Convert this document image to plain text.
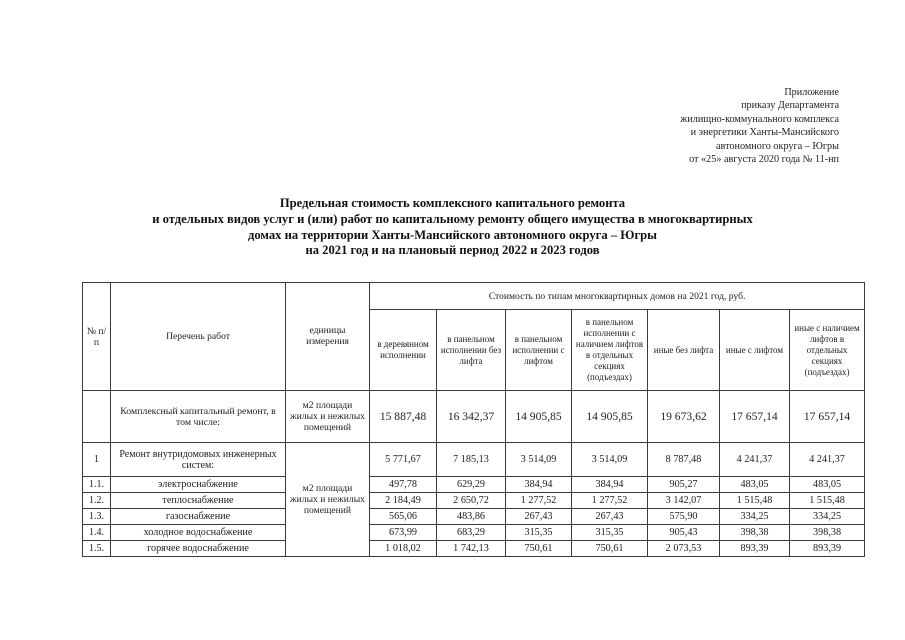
Приложение
приказу Департамента
жилищно-коммунального комплекса
и энергетики Ханты-Мансийского
автономного округа – Югры
от «25» августа 2020 года № 11-нп
Предельная стоимость комплексного капитального ремонта
и отдельных видов услуг и (или) работ по капитальному ремонту общего имущества в многоквартирных
домах на территории Ханты-Мансийского автономного округа – Югры
на 2021 год и на плановый период 2022 и 2023 годов
№ п/п	Перечень работ	единицы измерения	Стоимость по типам многоквартирных домов на 2021 год, руб.						
			в деревянном исполнении	в панельном исполнении без лифта	в панельном исполнении с лифтом	в панельном исполнении с наличием лифтов в отдельных секциях (подъездах)	иные без лифта	иные с лифтом	иные с наличием лифтов в отдельных секциях (подъездах)
	Комплексный капитальный ремонт, в том числе:	м2 площади жилых и нежилых помещений	15 887,48	16 342,37	14 905,85	14 905,85	19 673,62	17 657,14	17 657,14
1	Ремонт внутридомовых инженерных систем:	м2 площади жилых и нежилых помещений	5 771,67	7 185,13	3 514,09	3 514,09	8 787,48	4 241,37	4 241,37
1.1.	электроснабжение		497,78	629,29	384,94	384,94	905,27	483,05	483,05
1.2.	теплоснабжение		2 184,49	2 650,72	1 277,52	1 277,52	3 142,07	1 515,48	1 515,48
1.3.	газоснабжение		565,06	483,86	267,43	267,43	575,90	334,25	334,25
1.4.	холодное водоснабжение		673,99	683,29	315,35	315,35	905,43	398,38	398,38
1.5.	горячее водоснабжение		1 018,02	1 742,13	750,61	750,61	2 073,53	893,39	893,39
